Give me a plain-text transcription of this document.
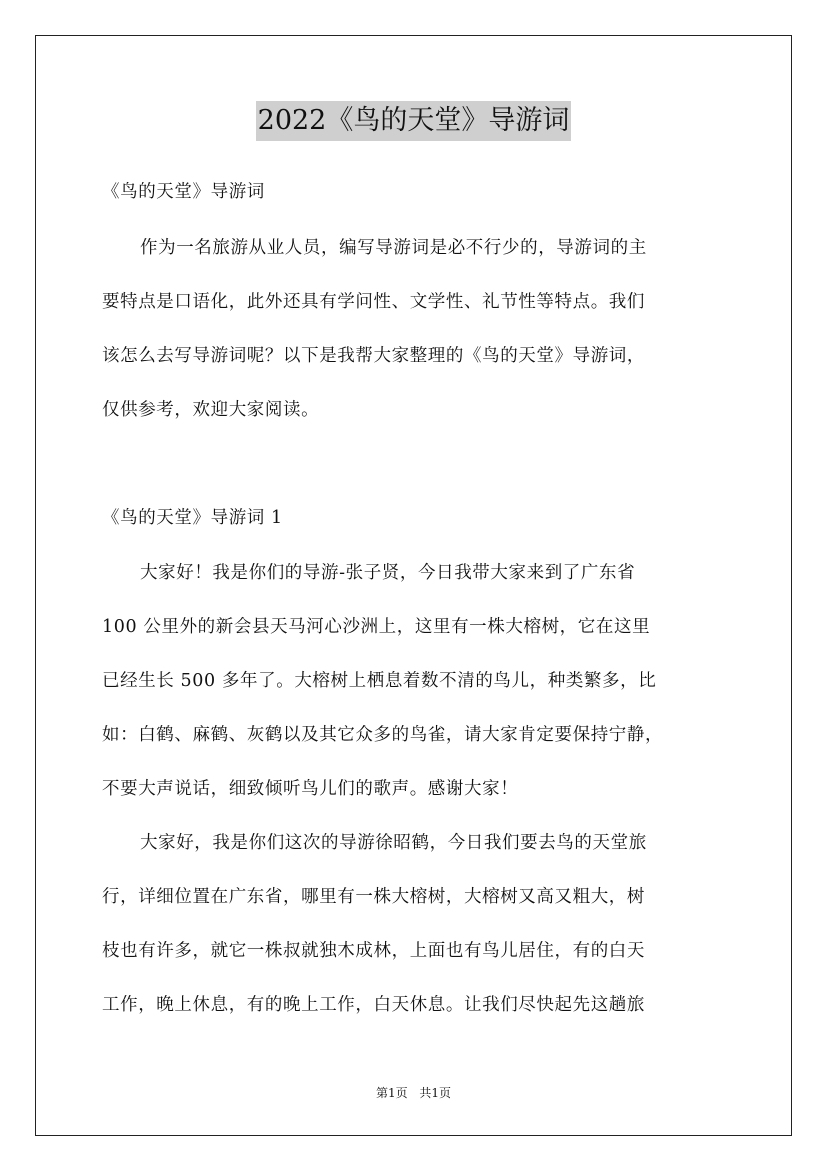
2022《鸟的天堂》导游词
《鸟的天堂》导游词
作为一名旅游从业人员，编写导游词是必不行少的，导游词的主
要特点是口语化，此外还具有学问性、文学性、礼节性等特点。我们
该怎么去写导游词呢？以下是我帮大家整理的《鸟的天堂》导游词，
仅供参考，欢迎大家阅读。
《鸟的天堂》导游词 1
大家好！我是你们的导游-张子贤，今日我带大家来到了广东省
100 公里外的新会县天马河心沙洲上，这里有一株大榕树，它在这里
已经生长 500 多年了。大榕树上栖息着数不清的鸟儿，种类繁多，比
如：白鹤、麻鹤、灰鹤以及其它众多的鸟雀，请大家肯定要保持宁静，
不要大声说话，细致倾听鸟儿们的歌声。感谢大家！
大家好，我是你们这次的导游徐昭鹤，今日我们要去鸟的天堂旅
行，详细位置在广东省，哪里有一株大榕树，大榕树又高又粗大，树
枝也有许多，就它一株叔就独木成林，上面也有鸟儿居住，有的白天
工作，晚上休息，有的晚上工作，白天休息。让我们尽快起先这趟旅
第1页 共1页
